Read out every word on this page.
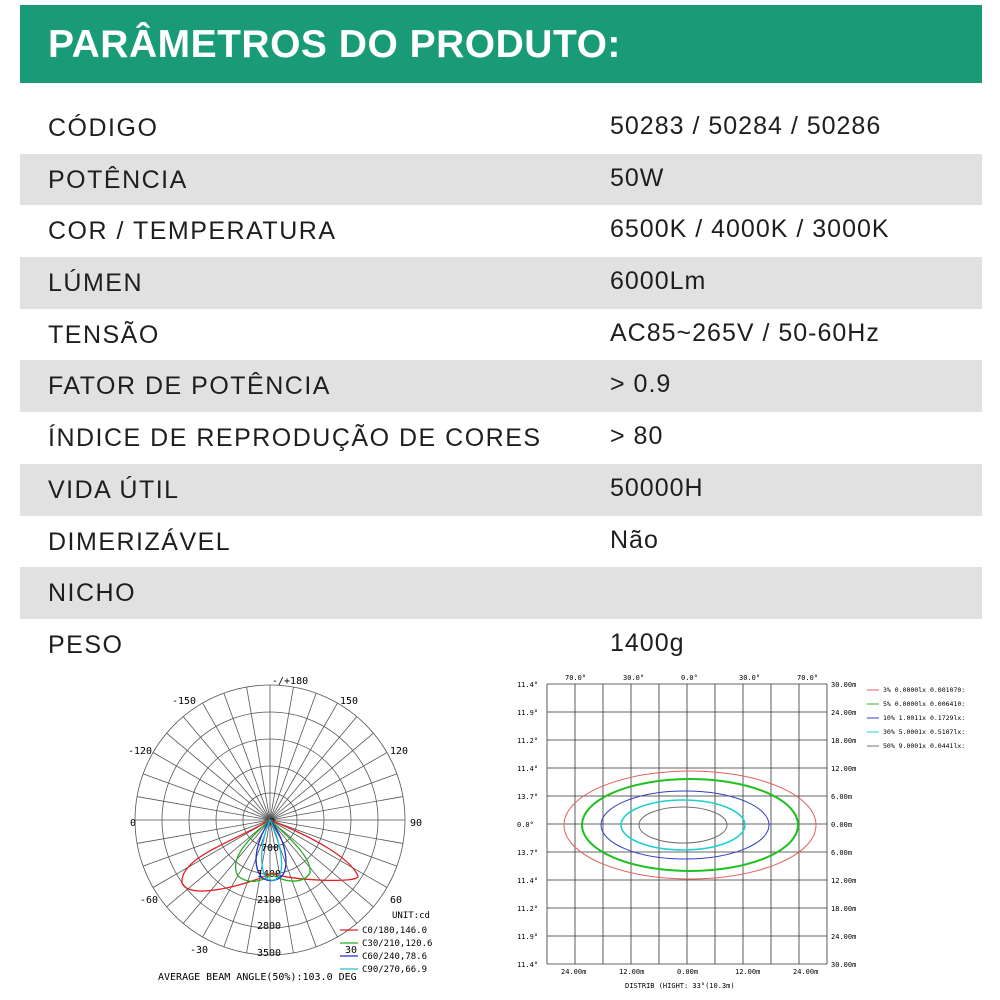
PARÂMETROS DO PRODUTO:
CÓDIGO	50283 / 50284 / 50286
POTÊNCIA	50W
COR / TEMPERATURA	6500K / 4000K / 3000K
LÚMEN	6000Lm
TENSÃO	AC85~265V / 50-60Hz
FATOR DE POTÊNCIA	> 0.9
ÍNDICE DE REPRODUÇÃO DE CORES	> 80
VIDA ÚTIL	50000H
DIMERIZÁVEL	Não
NICHO
PESO	1400g
-/+180
-150	150
-120	120
0	90
-60	60
-30	30
0
700
1400
2100
2800
3500
UNIT:cd
C0/180,146.0
C30/210,120.6
C60/240,78.6
C90/270,66.9
AVERAGE BEAM ANGLE(50%):103.0 DEG
70.0°	30.0°	0.0°	30.0°	70.0°
11.4°
11.9°
11.2°
11.4°
13.7°
0.0°
13.7°
11.4°
11.2°
11.9°
11.4°
30.00m
24.00m
18.00m
12.00m
6.00m
0.00m
6.00m
12.00m
18.00m
24.00m
30.00m
24.00m	12.00m	0.00m	12.00m	24.00m
3% 0.0000lx 0.001070:
5% 0.0000lx 0.006410:
10% 1.0011x 0.1729lx:
30% 5.0001x 0.5107lx:
50% 9.0001x 0.0441lx:
DISTRIB (HIGHT: 33°(10.3m)
